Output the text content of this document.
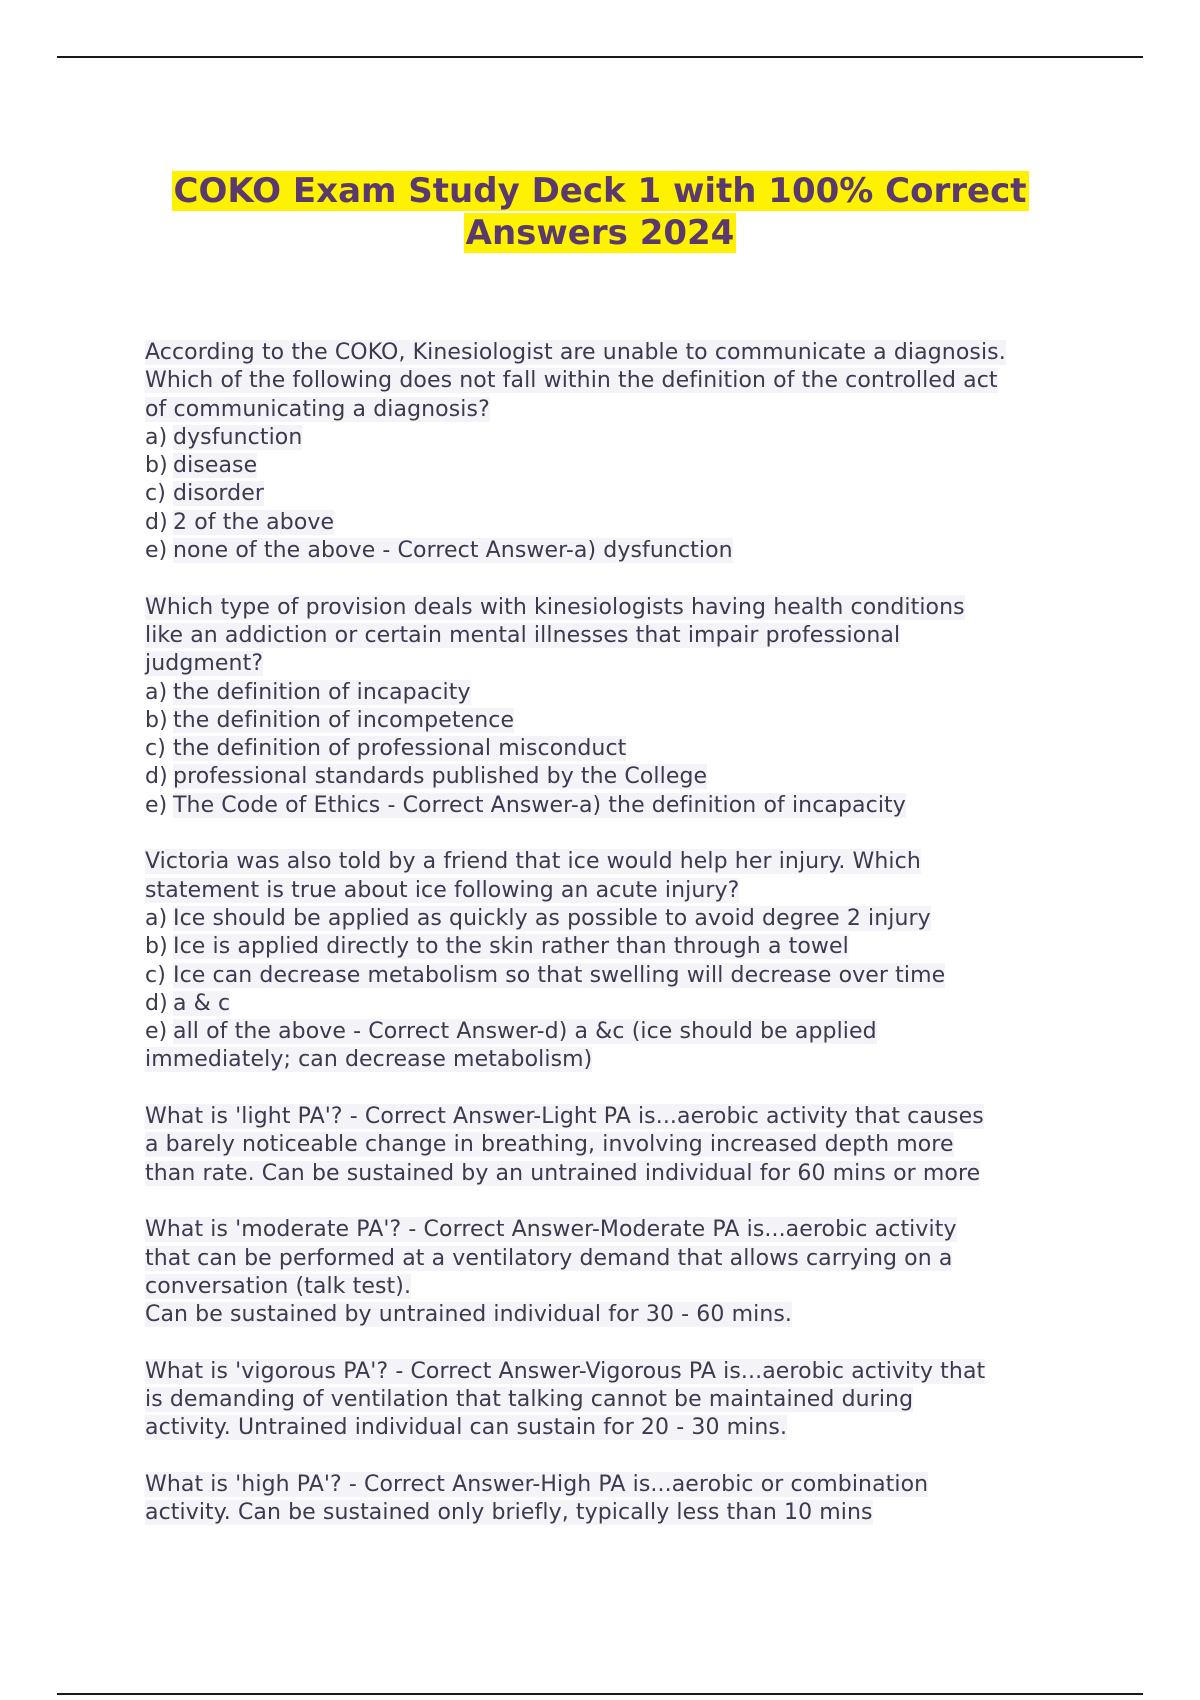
COKO Exam Study Deck 1 with 100% Correct
Answers 2024
According to the COKO, Kinesiologist are unable to communicate a diagnosis.
Which of the following does not fall within the definition of the controlled act
of communicating a diagnosis?
a) dysfunction
b) disease
c) disorder
d) 2 of the above
e) none of the above - Correct Answer-a) dysfunction
Which type of provision deals with kinesiologists having health conditions
like an addiction or certain mental illnesses that impair professional
judgment?
a) the definition of incapacity
b) the definition of incompetence
c) the definition of professional misconduct
d) professional standards published by the College
e) The Code of Ethics - Correct Answer-a) the definition of incapacity
Victoria was also told by a friend that ice would help her injury. Which
statement is true about ice following an acute injury?
a) Ice should be applied as quickly as possible to avoid degree 2 injury
b) Ice is applied directly to the skin rather than through a towel
c) Ice can decrease metabolism so that swelling will decrease over time
d) a & c
e) all of the above - Correct Answer-d) a &c (ice should be applied
immediately; can decrease metabolism)
What is 'light PA'? - Correct Answer-Light PA is...aerobic activity that causes
a barely noticeable change in breathing, involving increased depth more
than rate. Can be sustained by an untrained individual for 60 mins or more
What is 'moderate PA'? - Correct Answer-Moderate PA is...aerobic activity
that can be performed at a ventilatory demand that allows carrying on a
conversation (talk test).
Can be sustained by untrained individual for 30 - 60 mins.
What is 'vigorous PA'? - Correct Answer-Vigorous PA is...aerobic activity that
is demanding of ventilation that talking cannot be maintained during
activity. Untrained individual can sustain for 20 - 30 mins.
What is 'high PA'? - Correct Answer-High PA is...aerobic or combination
activity. Can be sustained only briefly, typically less than 10 mins
